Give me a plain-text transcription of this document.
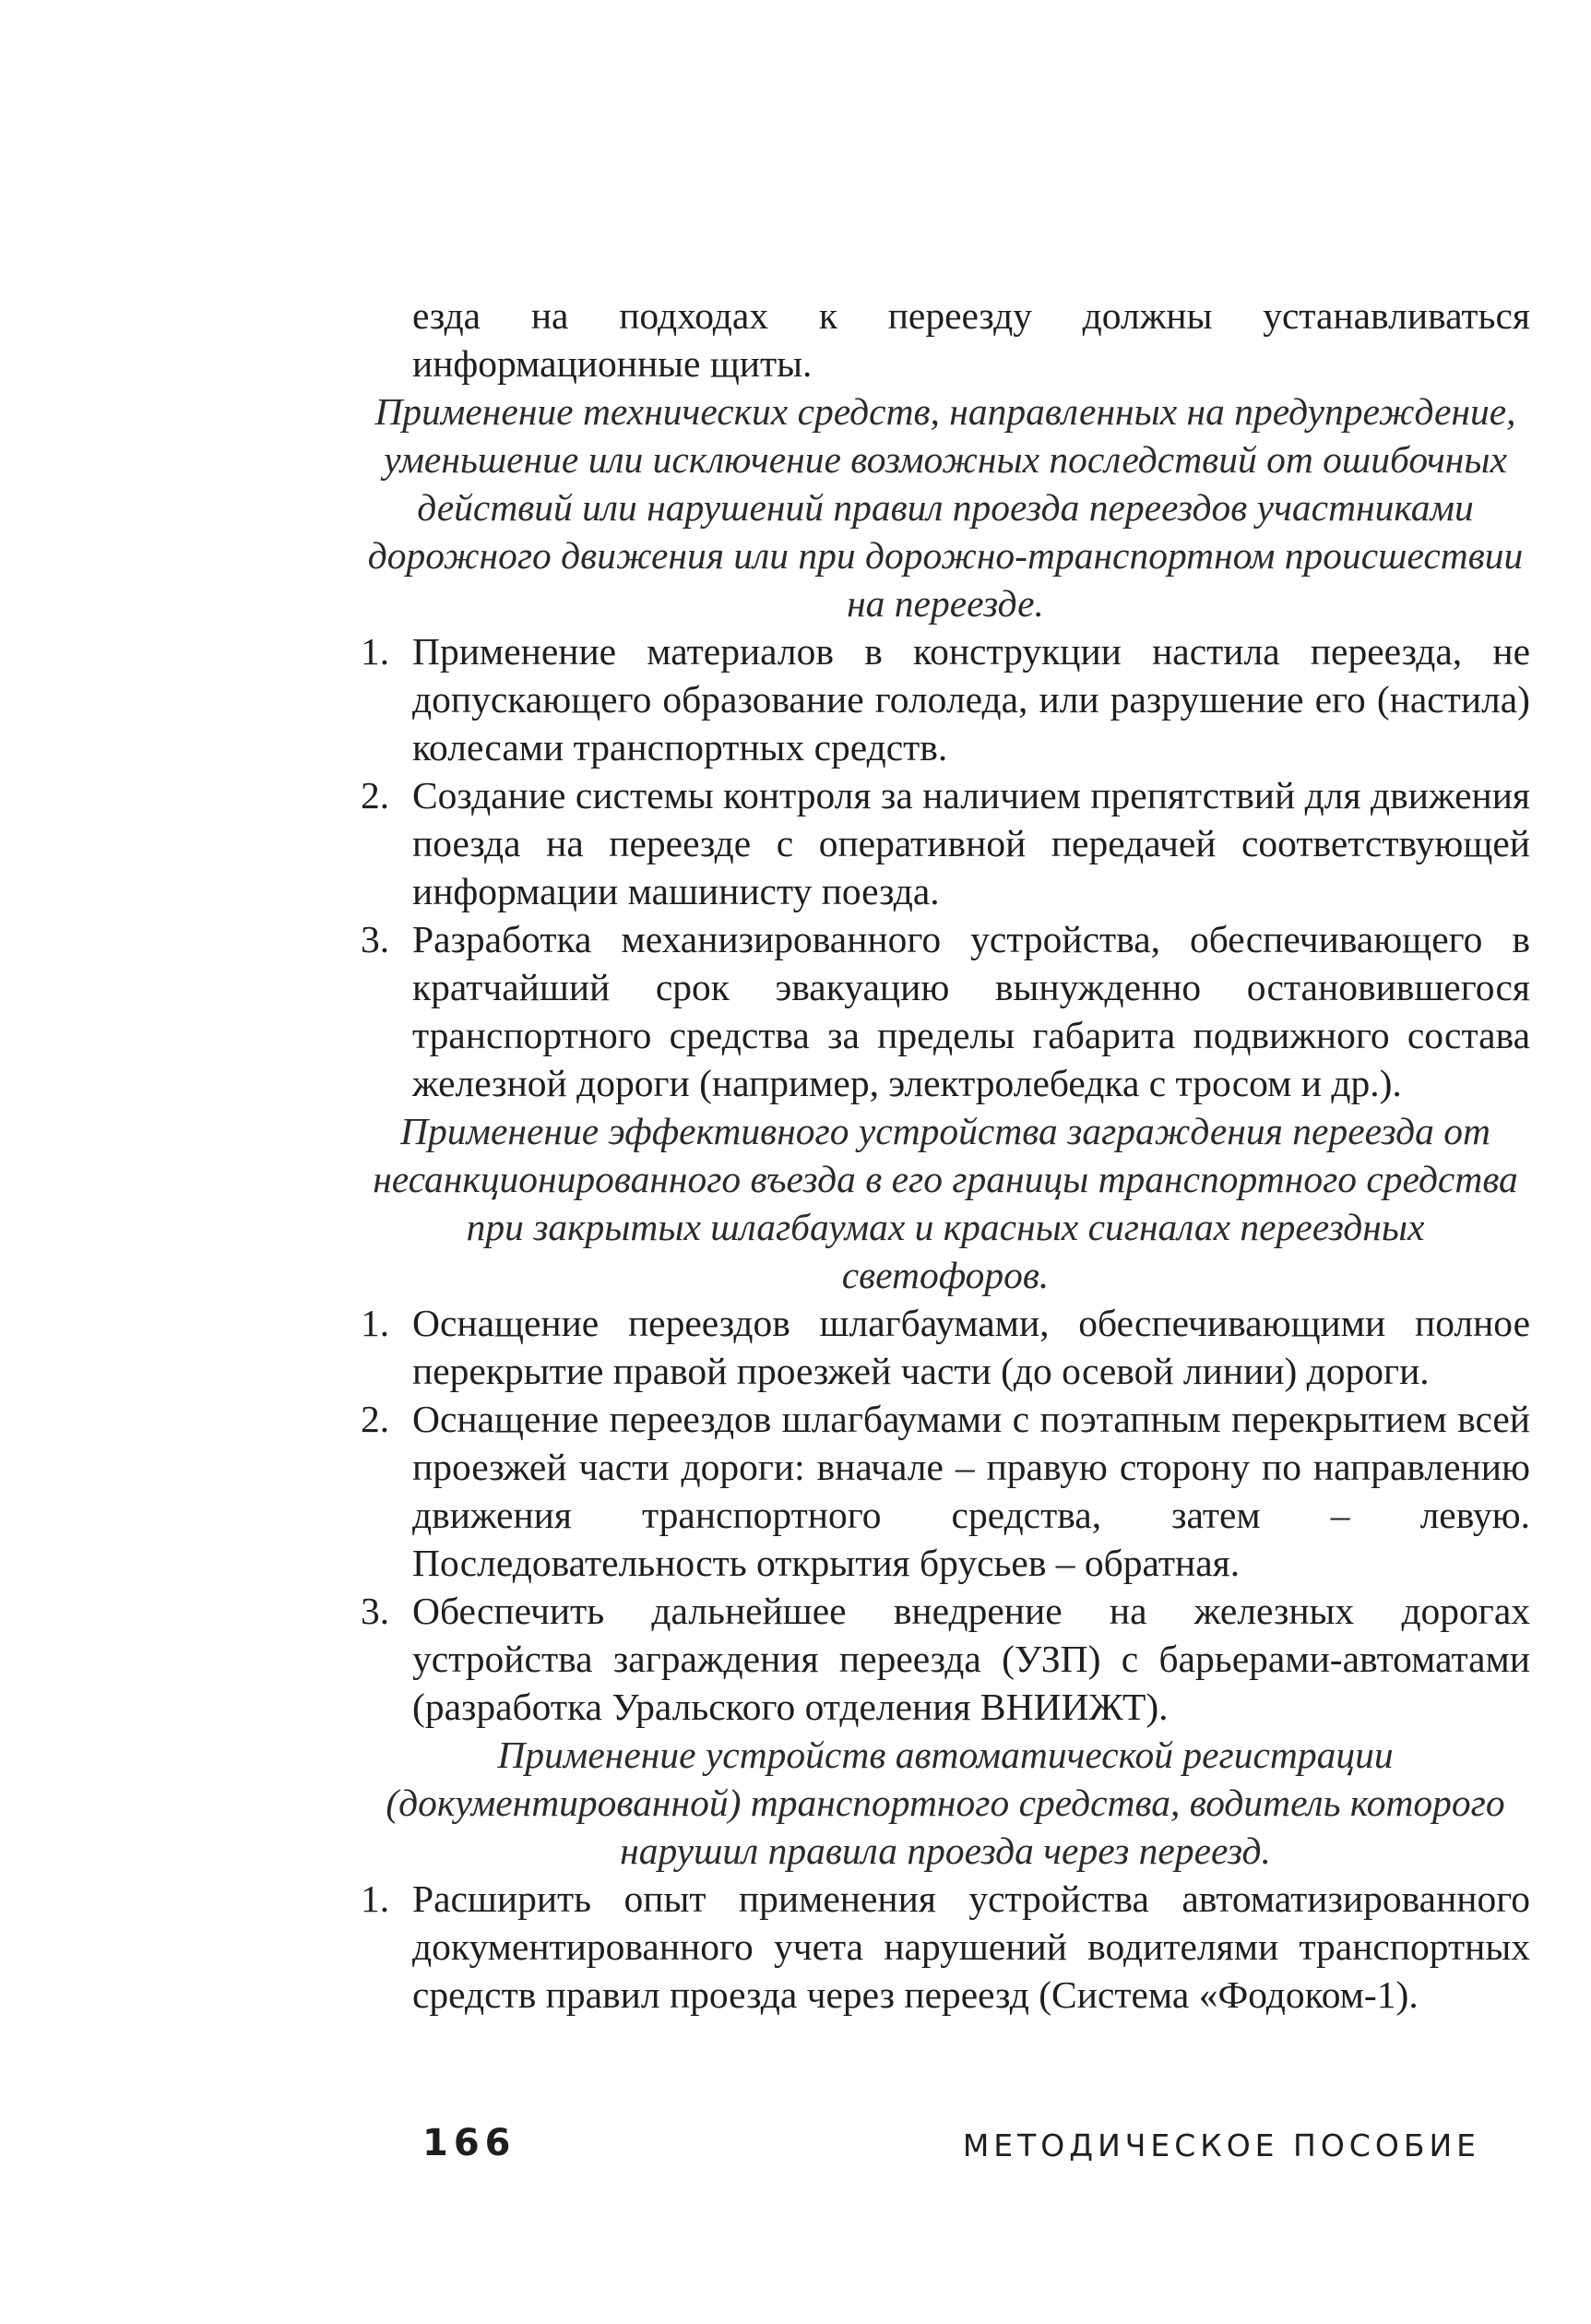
езда на подходах к переезду должны устанавливаться информационные щиты.

Применение технических средств, направленных на предупреждение, уменьшение или исключение возможных последствий от ошибочных действий или нарушений правил проезда переездов участниками дорожного движения или при дорожно-транспортном происшествии на переезде.

1. Применение материалов в конструкции настила переезда, не допускающего образование гололеда, или разрушение его (настила) колесами транспортных средств.
2. Создание системы контроля за наличием препятствий для движения поезда на переезде с оперативной передачей соответствующей информации машинисту поезда.
3. Разработка механизированного устройства, обеспечивающего в кратчайший срок эвакуацию вынужденно остановившегося транспортного средства за пределы габарита подвижного состава железной дороги (например, электролебедка с тросом и др.).

Применение эффективного устройства заграждения переезда от несанкционированного въезда в его границы транспортного средства при закрытых шлагбаумах и красных сигналах переездных светофоров.

1. Оснащение переездов шлагбаумами, обеспечивающими полное перекрытие правой проезжей части (до осевой линии) дороги.
2. Оснащение переездов шлагбаумами с поэтапным перекрытием всей проезжей части дороги: вначале – правую сторону по направлению движения транспортного средства, затем – левую. Последовательность открытия брусьев – обратная.
3. Обеспечить дальнейшее внедрение на железных дорогах устройства заграждения переезда (УЗП) с барьерами-автоматами (разработка Уральского отделения ВНИИЖТ).

Применение устройств автоматической регистрации (документированной) транспортного средства, водитель которого нарушил правила проезда через переезд.

1. Расширить опыт применения устройства автоматизированного документированного учета нарушений водителями транспортных средств правил проезда через переезд (Система «Фодоком-1).
166	МЕТОДИЧЕСКОЕ ПОСОБИЕ
